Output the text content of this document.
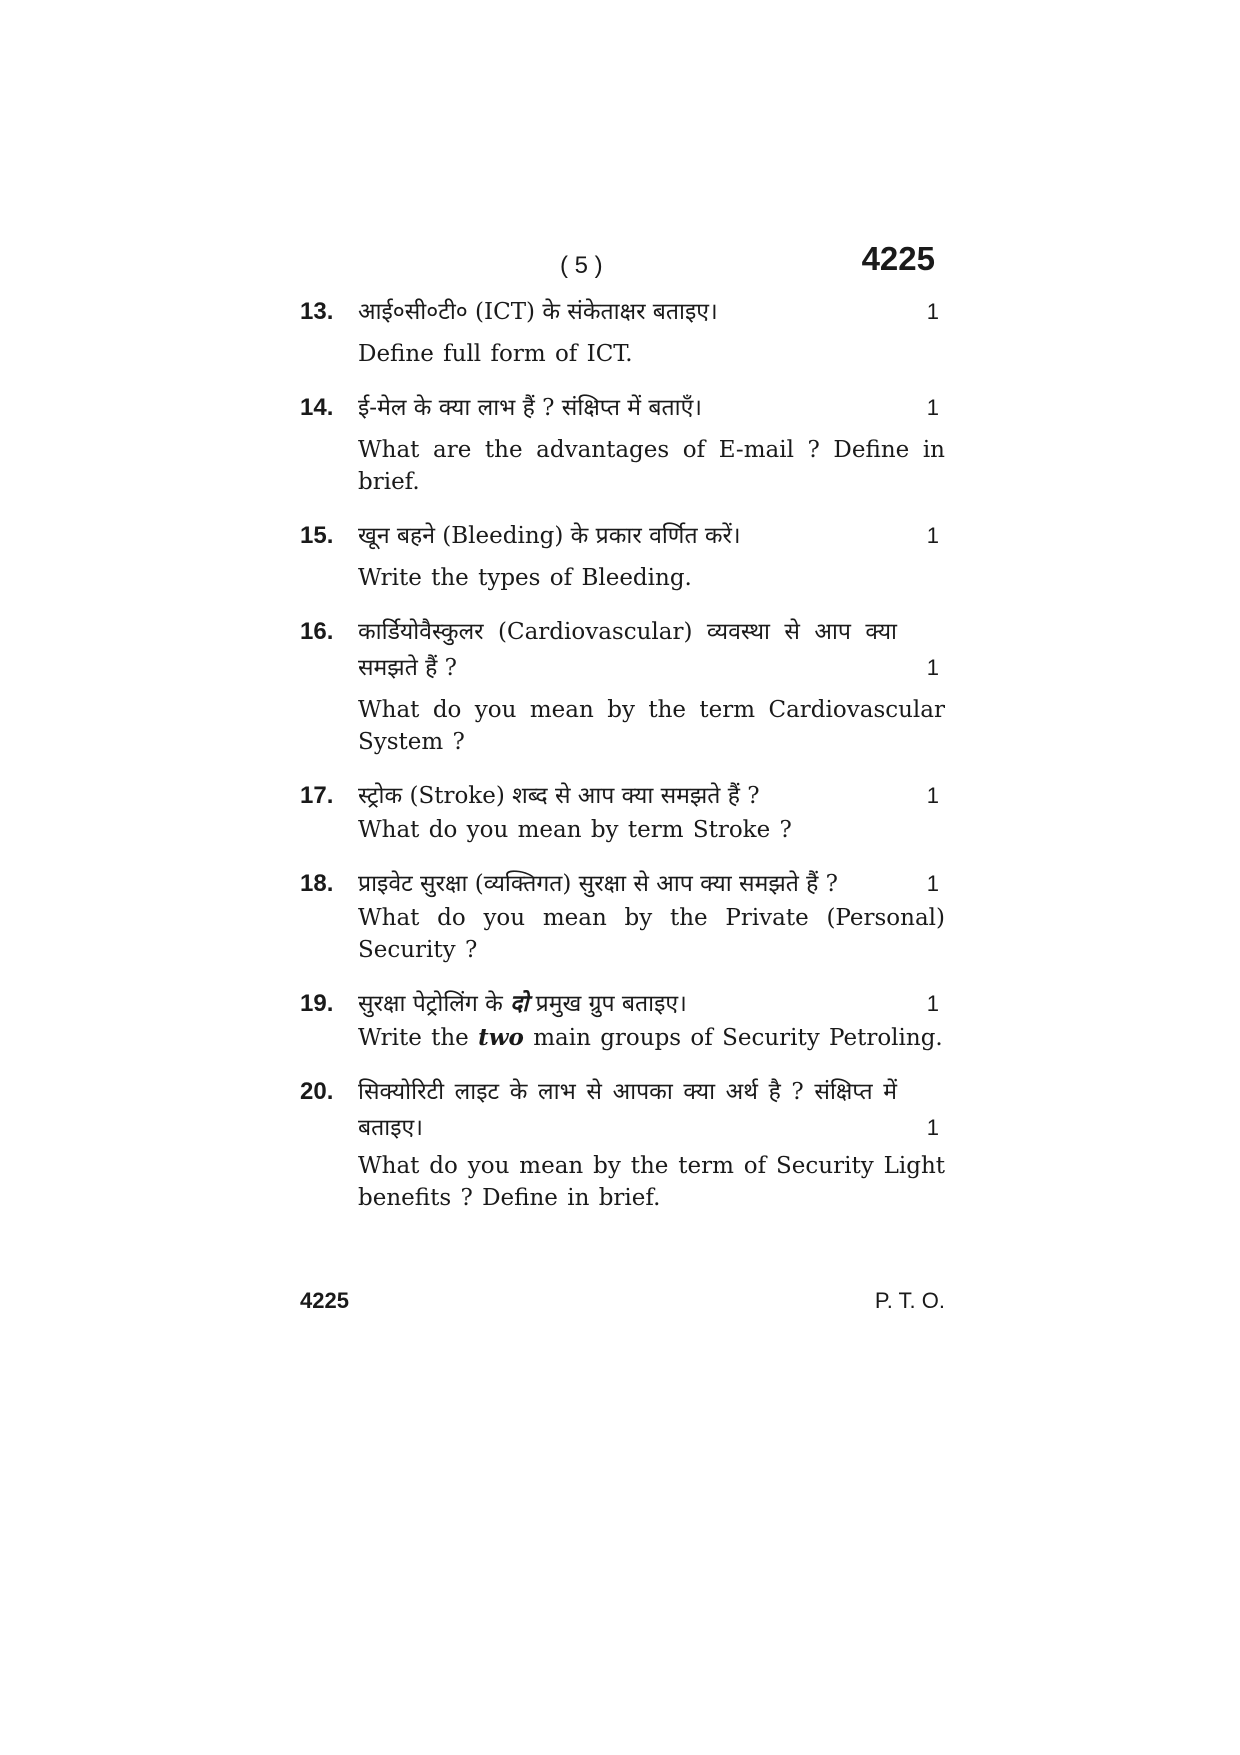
( 5 )	4225
13. आई०सी०टी० (ICT) के संकेताक्षर बताइए।	1
Define full form of ICT.
14. ई-मेल के क्या लाभ हैं ? संक्षिप्त में बताएँ।	1
What are the advantages of E-mail ? Define in brief.
15. खून बहने (Bleeding) के प्रकार वर्णित करें।	1
Write the types of Bleeding.
16. कार्डियोवैस्कुलर (Cardiovascular) व्यवस्था से आप क्या समझते हैं ?	1
What do you mean by the term Cardiovascular System ?
17. स्ट्रोक (Stroke) शब्द से आप क्या समझते हैं ?	1
What do you mean by term Stroke ?
18. प्राइवेट सुरक्षा (व्यक्तिगत) सुरक्षा से आप क्या समझते हैं ?	1
What do you mean by the Private (Personal) Security ?
19. सुरक्षा पेट्रोलिंग के दो प्रमुख ग्रुप बताइए।	1
Write the two main groups of Security Petroling.
20. सिक्योरिटी लाइट के लाभ से आपका क्या अर्थ है ? संक्षिप्त में बताइए।	1
What do you mean by the term of Security Light benefits ? Define in brief.
4225	P. T. O.
